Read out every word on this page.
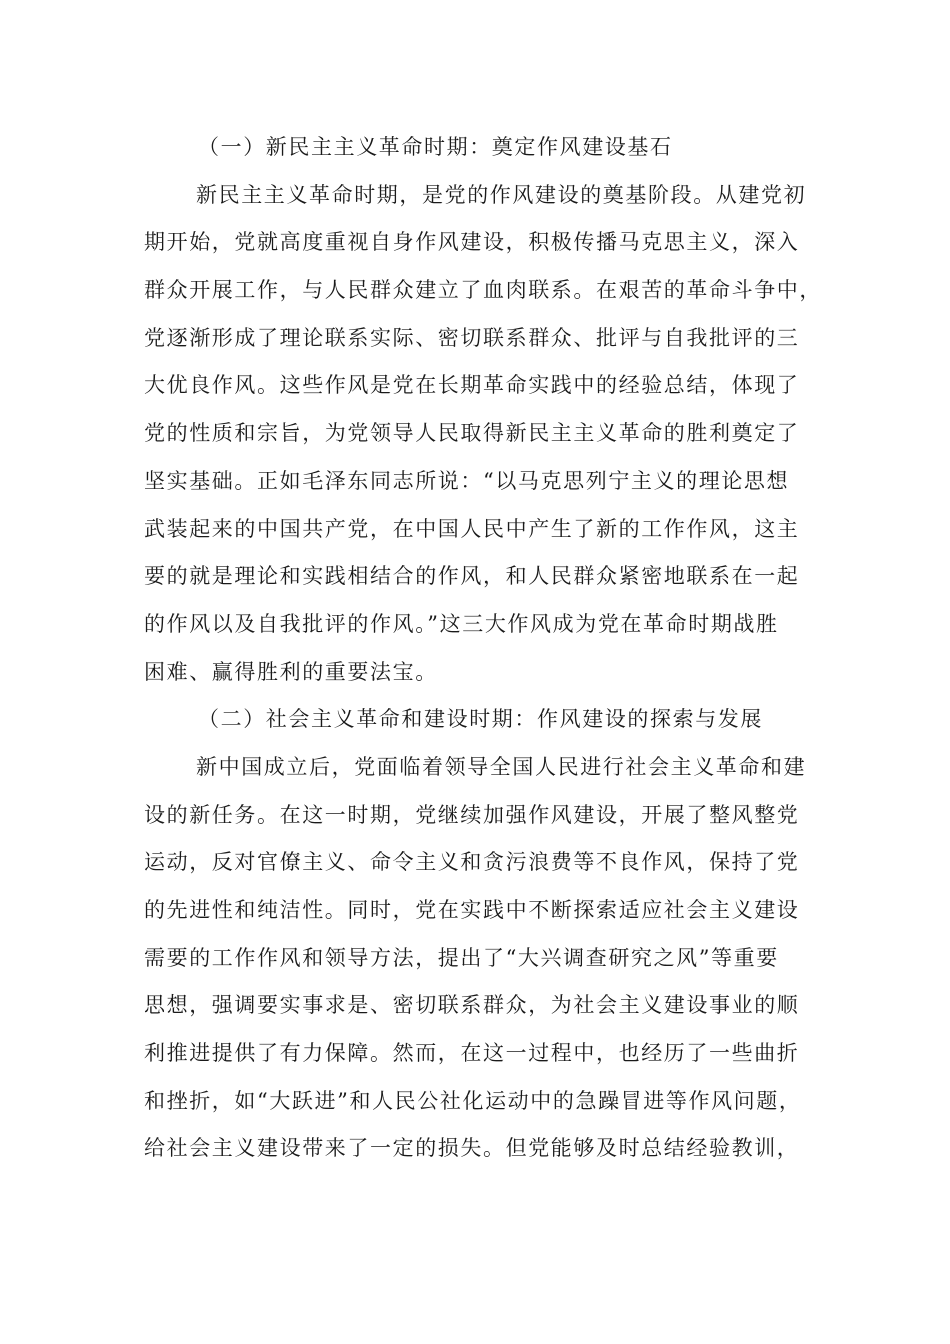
（一）新民主主义革命时期：奠定作风建设基石
新民主主义革命时期，是党的作风建设的奠基阶段。从建党初
期开始，党就高度重视自身作风建设，积极传播马克思主义，深入
群众开展工作，与人民群众建立了血肉联系。在艰苦的革命斗争中，
党逐渐形成了理论联系实际、密切联系群众、批评与自我批评的三
大优良作风。这些作风是党在长期革命实践中的经验总结，体现了
党的性质和宗旨，为党领导人民取得新民主主义革命的胜利奠定了
坚实基础。正如毛泽东同志所说：“以马克思列宁主义的理论思想
武装起来的中国共产党，在中国人民中产生了新的工作作风，这主
要的就是理论和实践相结合的作风，和人民群众紧密地联系在一起
的作风以及自我批评的作风。”这三大作风成为党在革命时期战胜
困难、赢得胜利的重要法宝。
（二）社会主义革命和建设时期：作风建设的探索与发展
新中国成立后，党面临着领导全国人民进行社会主义革命和建
设的新任务。在这一时期，党继续加强作风建设，开展了整风整党
运动，反对官僚主义、命令主义和贪污浪费等不良作风，保持了党
的先进性和纯洁性。同时，党在实践中不断探索适应社会主义建设
需要的工作作风和领导方法，提出了“大兴调查研究之风”等重要
思想，强调要实事求是、密切联系群众，为社会主义建设事业的顺
利推进提供了有力保障。然而，在这一过程中，也经历了一些曲折
和挫折，如“大跃进”和人民公社化运动中的急躁冒进等作风问题，
给社会主义建设带来了一定的损失。但党能够及时总结经验教训，
